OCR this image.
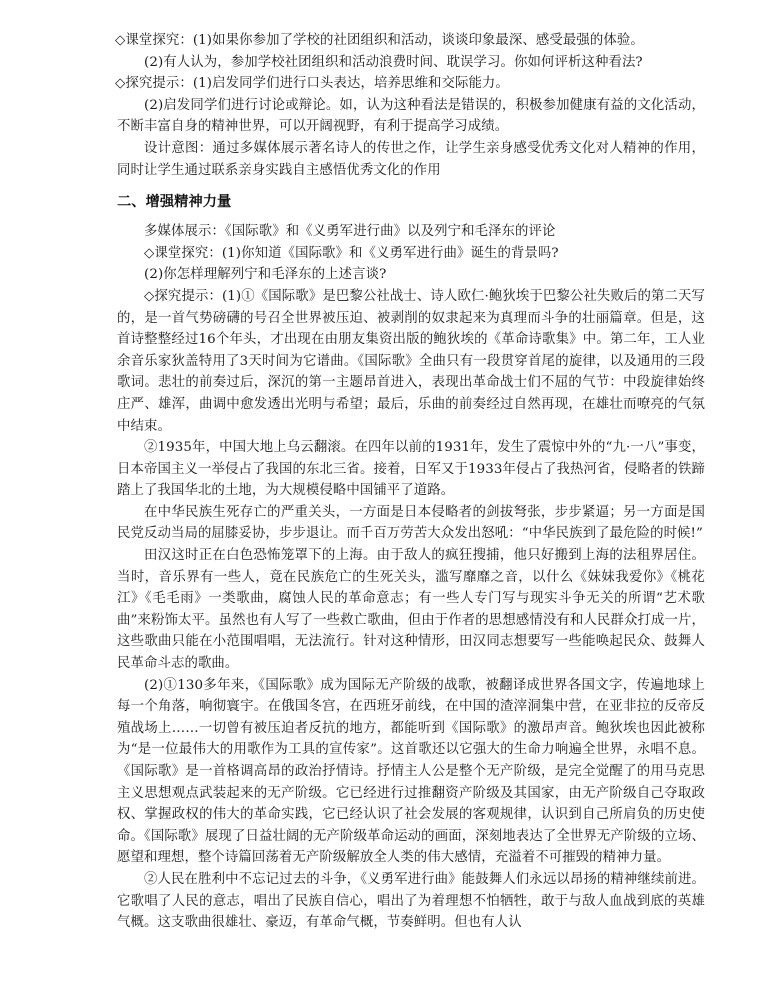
◇课堂探究：(1)如果你参加了学校的社团组织和活动，谈谈印象最深、感受最强的体验。

(2)有人认为，参加学校社团组织和活动浪费时间、耽误学习。你如何评析这种看法?

◇探究提示：(1)启发同学们进行口头表达，培养思维和交际能力。

(2)启发同学们进行讨论或辩论。如，认为这种看法是错误的，积极参加健康有益的文化活动，不断丰富自身的精神世界，可以开阔视野，有利于提高学习成绩。

设计意图：通过多媒体展示著名诗人的传世之作，让学生亲身感受优秀文化对人精神的作用，同时让学生通过联系亲身实践自主感悟优秀文化的作用

二、增强精神力量

多媒体展示：《国际歌》和《义勇军进行曲》以及列宁和毛泽东的评论

◇课堂探究：(1)你知道《国际歌》和《义勇军进行曲》诞生的背景吗?

(2)你怎样理解列宁和毛泽东的上述言谈?

◇探究提示：(1)①《国际歌》是巴黎公社战士、诗人欧仁·鲍狄埃于巴黎公社失败后的第二天写的，是一首气势磅礴的号召全世界被压迫、被剥削的奴隶起来为真理而斗争的壮丽篇章。但是，这首诗整整经过16个年头，才出现在由朋友集资出版的鲍狄埃的《革命诗歌集》中。第二年，工人业余音乐家狄盖特用了3天时间为它谱曲。《国际歌》全曲只有一段贯穿首尾的旋律，以及通用的三段歌词。悲壮的前奏过后，深沉的第一主题昂首进入，表现出革命战士们不屈的气节：中段旋律始终庄严、雄浑，曲调中愈发透出光明与希望；最后，乐曲的前奏经过自然再现，在雄壮而嘹亮的气氛中结束。

②1935年，中国大地上乌云翻滚。在四年以前的1931年，发生了震惊中外的“九·一八”事变，日本帝国主义一举侵占了我国的东北三省。接着，日军又于1933年侵占了我热河省，侵略者的铁蹄踏上了我国华北的土地，为大规模侵略中国铺平了道路。

在中华民族生死存亡的严重关头，一方面是日本侵略者的剑拔弩张，步步紧逼；另一方面是国民党反动当局的屈膝妥协，步步退让。而千百万劳苦大众发出怒吼：“中华民族到了最危险的时候!”

田汉这时正在白色恐怖笼罩下的上海。由于敌人的疯狂搜捕，他只好搬到上海的法租界居住。当时，音乐界有一些人，竟在民族危亡的生死关头，滥写靡靡之音，以什么《妹妹我爱你》《桃花江》《毛毛雨》一类歌曲，腐蚀人民的革命意志；有一些人专门写与现实斗争无关的所谓“艺术歌曲”来粉饰太平。虽然也有人写了一些救亡歌曲，但由于作者的思想感情没有和人民群众打成一片，这些歌曲只能在小范围唱唱，无法流行。针对这种情形，田汉同志想要写一些能唤起民众、鼓舞人民革命斗志的歌曲。

(2)①130多年来，《国际歌》成为国际无产阶级的战歌，被翻译成世界各国文字，传遍地球上每一个角落，响彻寰宇。在俄国冬宫，在西班牙前线，在中国的渣滓洞集中营，在亚非拉的反帝反殖战场上……一切曾有被压迫者反抗的地方，都能听到《国际歌》的激昂声音。鲍狄埃也因此被称为“是一位最伟大的用歌作为工具的宣传家”。这首歌还以它强大的生命力响遍全世界，永唱不息。《国际歌》是一首格调高昂的政治抒情诗。抒情主人公是整个无产阶级，是完全觉醒了的用马克思主义思想观点武装起来的无产阶级。它已经进行过推翻资产阶级及其国家，由无产阶级自己夺取政权、掌握政权的伟大的革命实践，它已经认识了社会发展的客观规律，认识到自己所肩负的历史使命。《国际歌》展现了日益壮阔的无产阶级革命运动的画面，深刻地表达了全世界无产阶级的立场、愿望和理想，整个诗篇回荡着无产阶级解放全人类的伟大感情，充溢着不可摧毁的精神力量。

②人民在胜利中不忘记过去的斗争，《义勇军进行曲》能鼓舞人们永远以昂扬的精神继续前进。它歌唱了人民的意志，唱出了民族自信心，唱出了为着理想不怕牺牲，敢于与敌人血战到底的英雄气概。这支歌曲很雄壮、豪迈，有革命气概，节奏鲜明。但也有人认
